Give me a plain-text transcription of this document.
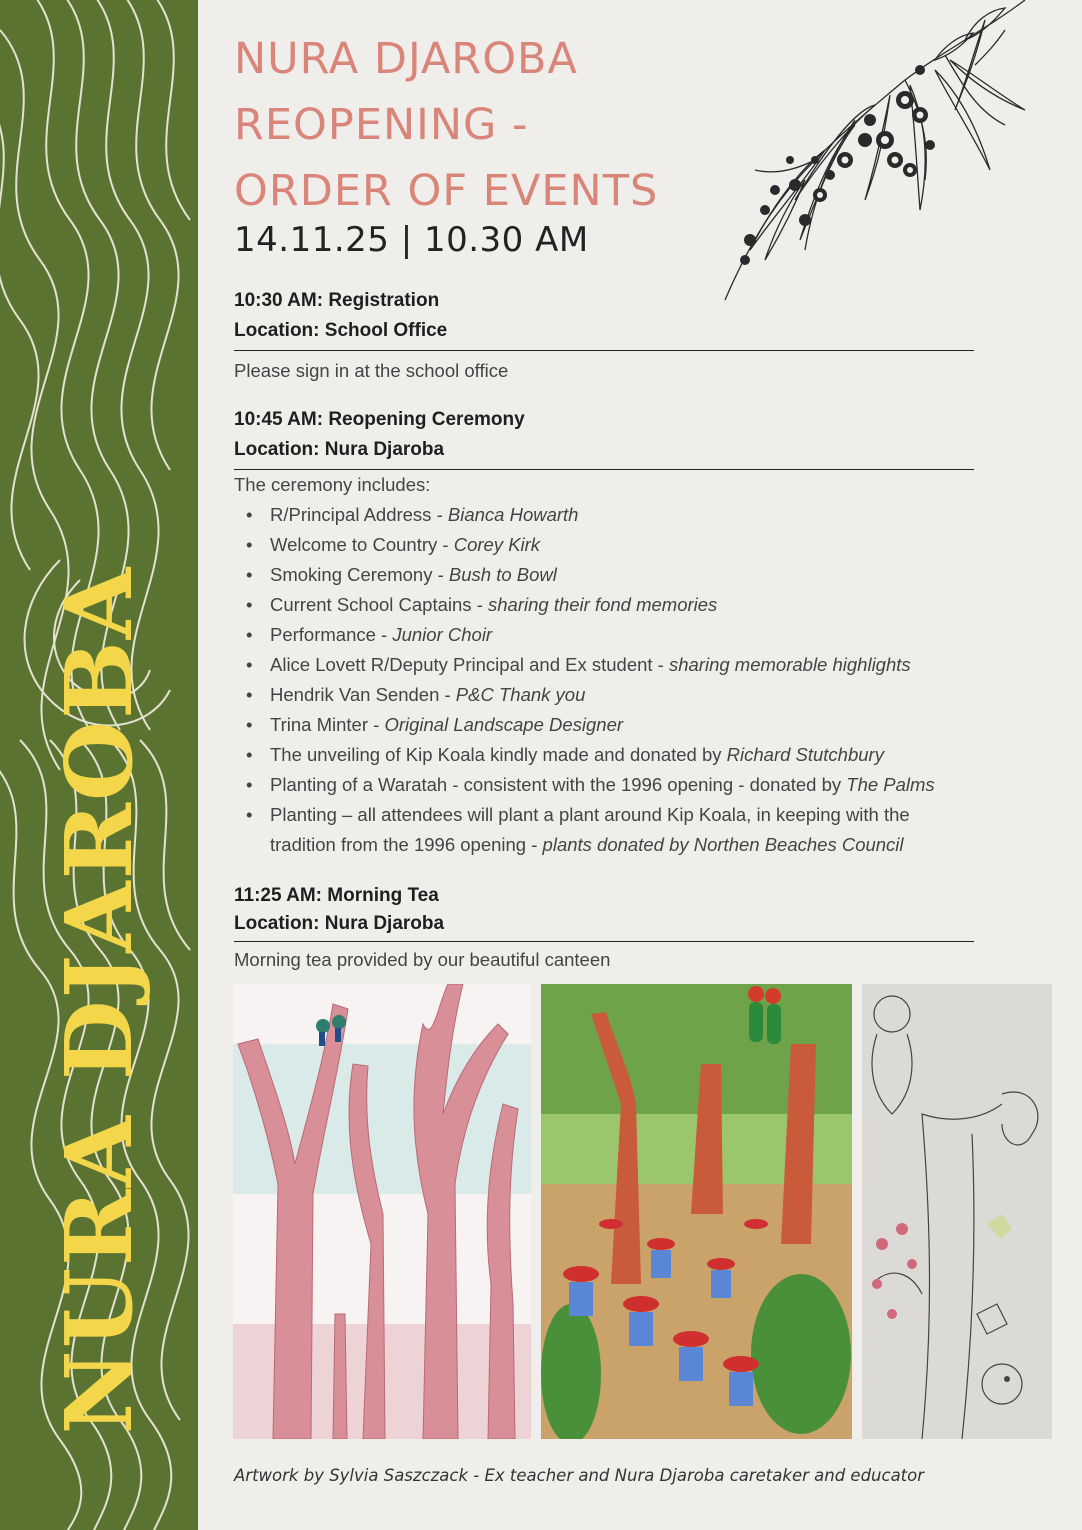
NURA DJAROBA
NURA DJAROBA
REOPENING -
ORDER OF EVENTS
14.11.25 | 10.30 AM
10:30 AM: Registration
Location: School Office
Please sign in at the school office
10:45 AM: Reopening Ceremony
Location: Nura Djaroba
The ceremony includes:
• R/Principal Address - Bianca Howarth
• Welcome to Country - Corey Kirk
• Smoking Ceremony - Bush to Bowl
• Current School Captains - sharing their fond memories
• Performance - Junior Choir
• Alice Lovett R/Deputy Principal and Ex student - sharing memorable highlights
• Hendrik Van Senden - P&C Thank you
• Trina Minter - Original Landscape Designer
• The unveiling of Kip Koala kindly made and donated by Richard Stutchbury
• Planting of a Waratah - consistent with the 1996 opening - donated by The Palms
• Planting – all attendees will plant a plant around Kip Koala, in keeping with the tradition from the 1996 opening - plants donated by Northen Beaches Council
11:25 AM: Morning Tea
Location: Nura Djaroba
Morning tea provided by our beautiful canteen
Artwork by Sylvia Saszczack - Ex teacher and Nura Djaroba caretaker and educator
